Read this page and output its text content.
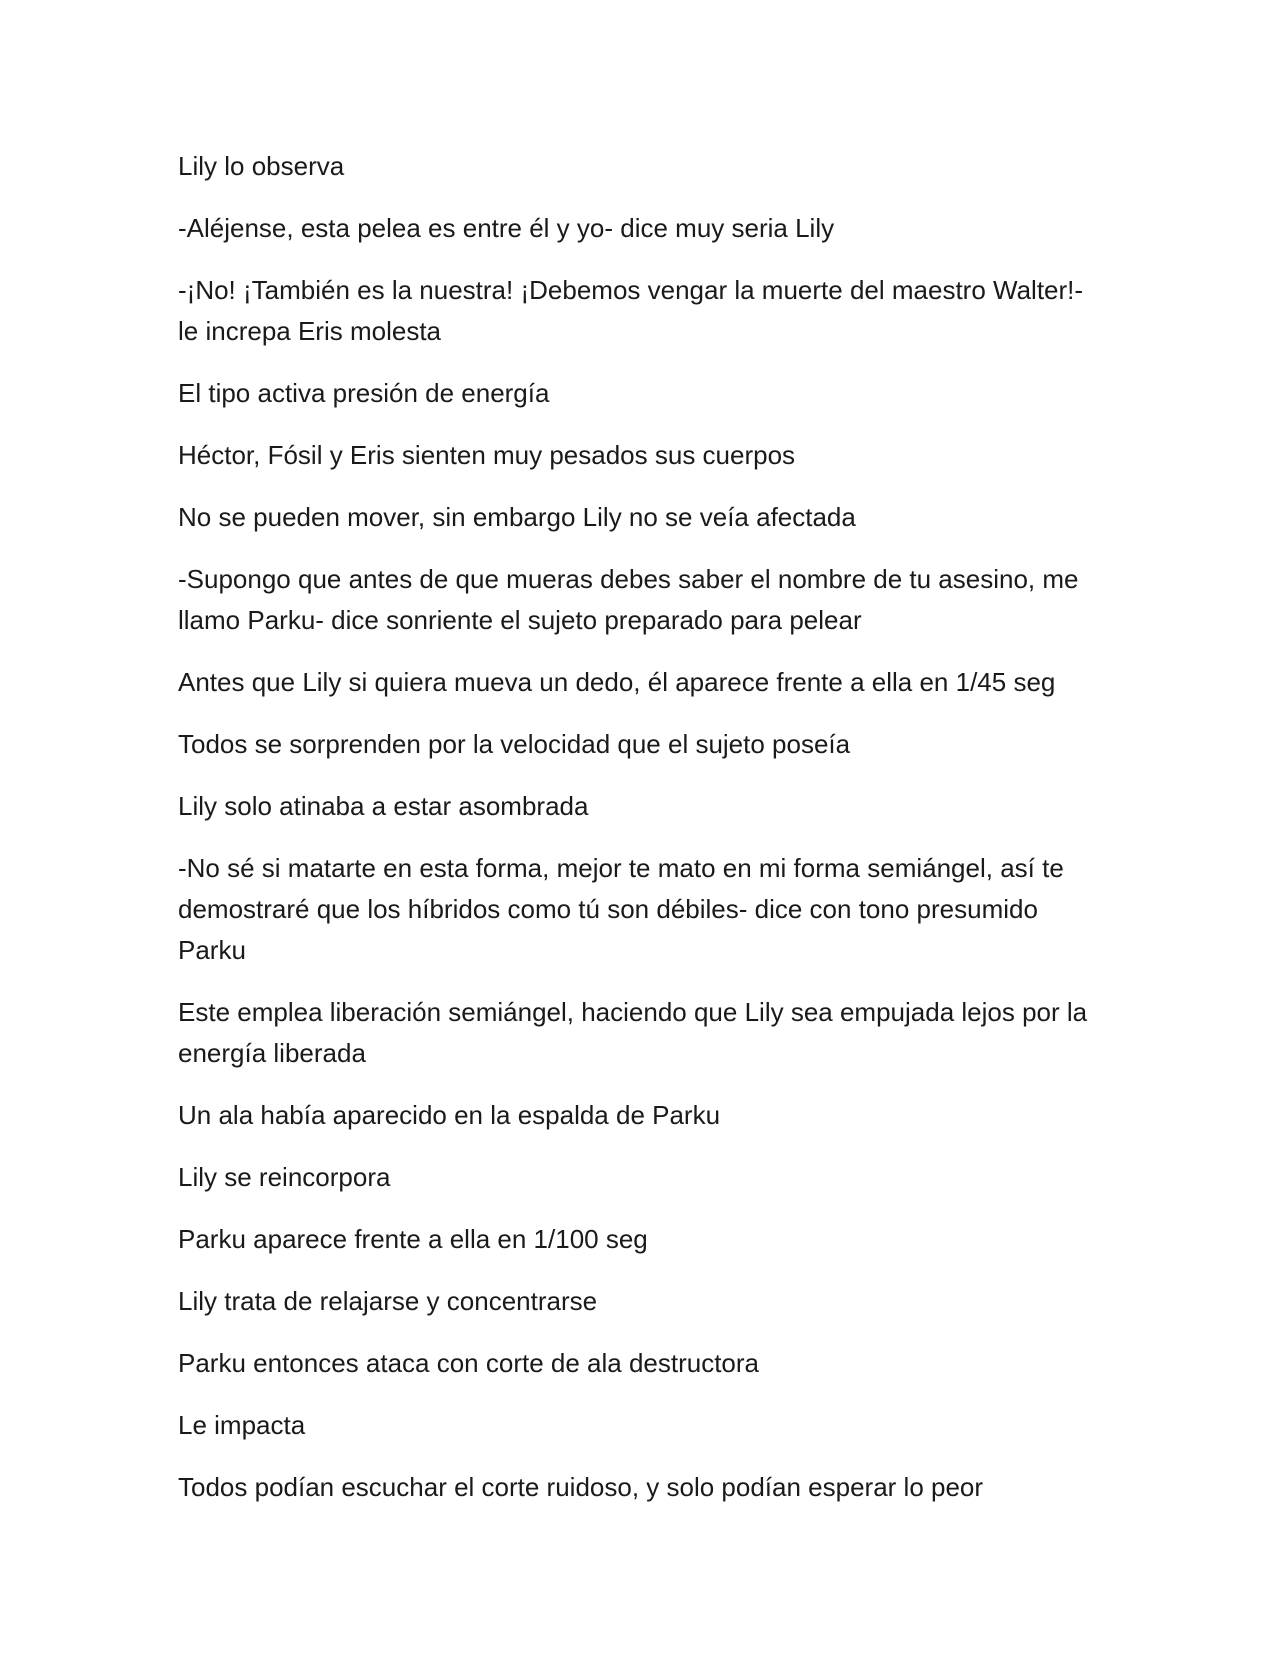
Lily lo observa

-Aléjense, esta pelea es entre él y yo- dice muy seria Lily

-¡No! ¡También es la nuestra! ¡Debemos vengar la muerte del maestro Walter!- le increpa Eris molesta

El tipo activa presión de energía

Héctor, Fósil y Eris sienten muy pesados sus cuerpos

No se pueden mover, sin embargo Lily no se veía afectada

-Supongo que antes de que mueras debes saber el nombre de tu asesino, me llamo Parku- dice sonriente el sujeto preparado para pelear

Antes que Lily si quiera mueva un dedo, él aparece frente a ella en 1/45 seg

Todos se sorprenden por la velocidad que el sujeto poseía

Lily solo atinaba a estar asombrada

-No sé si matarte en esta forma, mejor te mato en mi forma semiángel, así te demostraré que los híbridos como tú son débiles- dice con tono presumido Parku

Este emplea liberación semiángel, haciendo que Lily sea empujada lejos por la energía liberada

Un ala había aparecido en la espalda de Parku

Lily se reincorpora

Parku aparece frente a ella en 1/100 seg

Lily trata de relajarse y concentrarse

Parku entonces ataca con corte de ala destructora

Le impacta

Todos podían escuchar el corte ruidoso, y solo podían esperar lo peor
